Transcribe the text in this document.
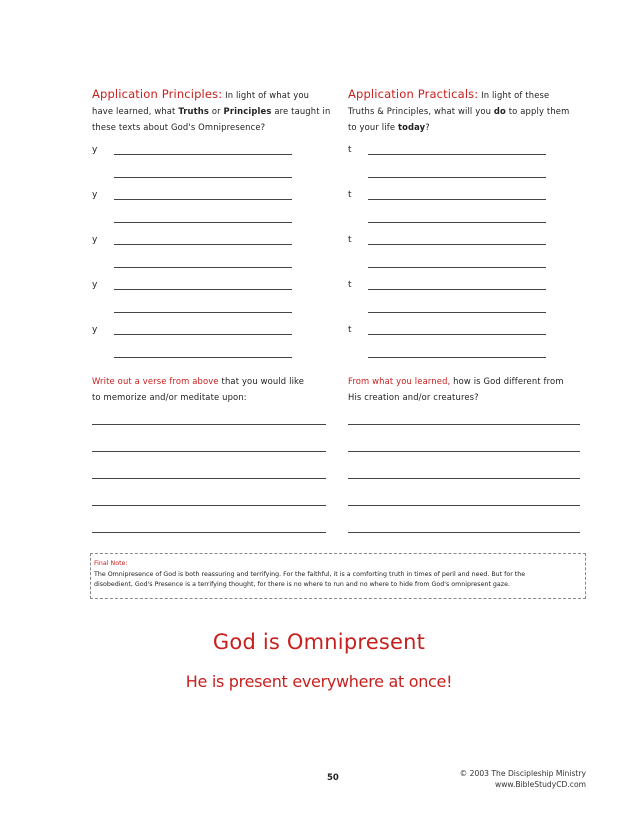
Application Principles: In light of what you
have learned, what Truths or Principles are taught in
these texts about God's Omnipresence?
Application Practicals: In light of these
Truths & Principles, what will you do to apply them
to your life today?
y
y
y
y
y
t
t
t
t
t
Write out a verse from above that you would like
to memorize and/or meditate upon:
From what you learned, how is God different from
His creation and/or creatures?
Final Note:
The Omnipresence of God is both reassuring and terrifying. For the faithful, it is a comforting truth in times of peril and need. But for the
disobedient, God's Presence is a terrifying thought, for there is no where to run and no where to hide from God's omnipresent gaze.
God is Omnipresent
He is present everywhere at once!
50	© 2003 The Discipleship Ministry
www.BibleStudyCD.com
